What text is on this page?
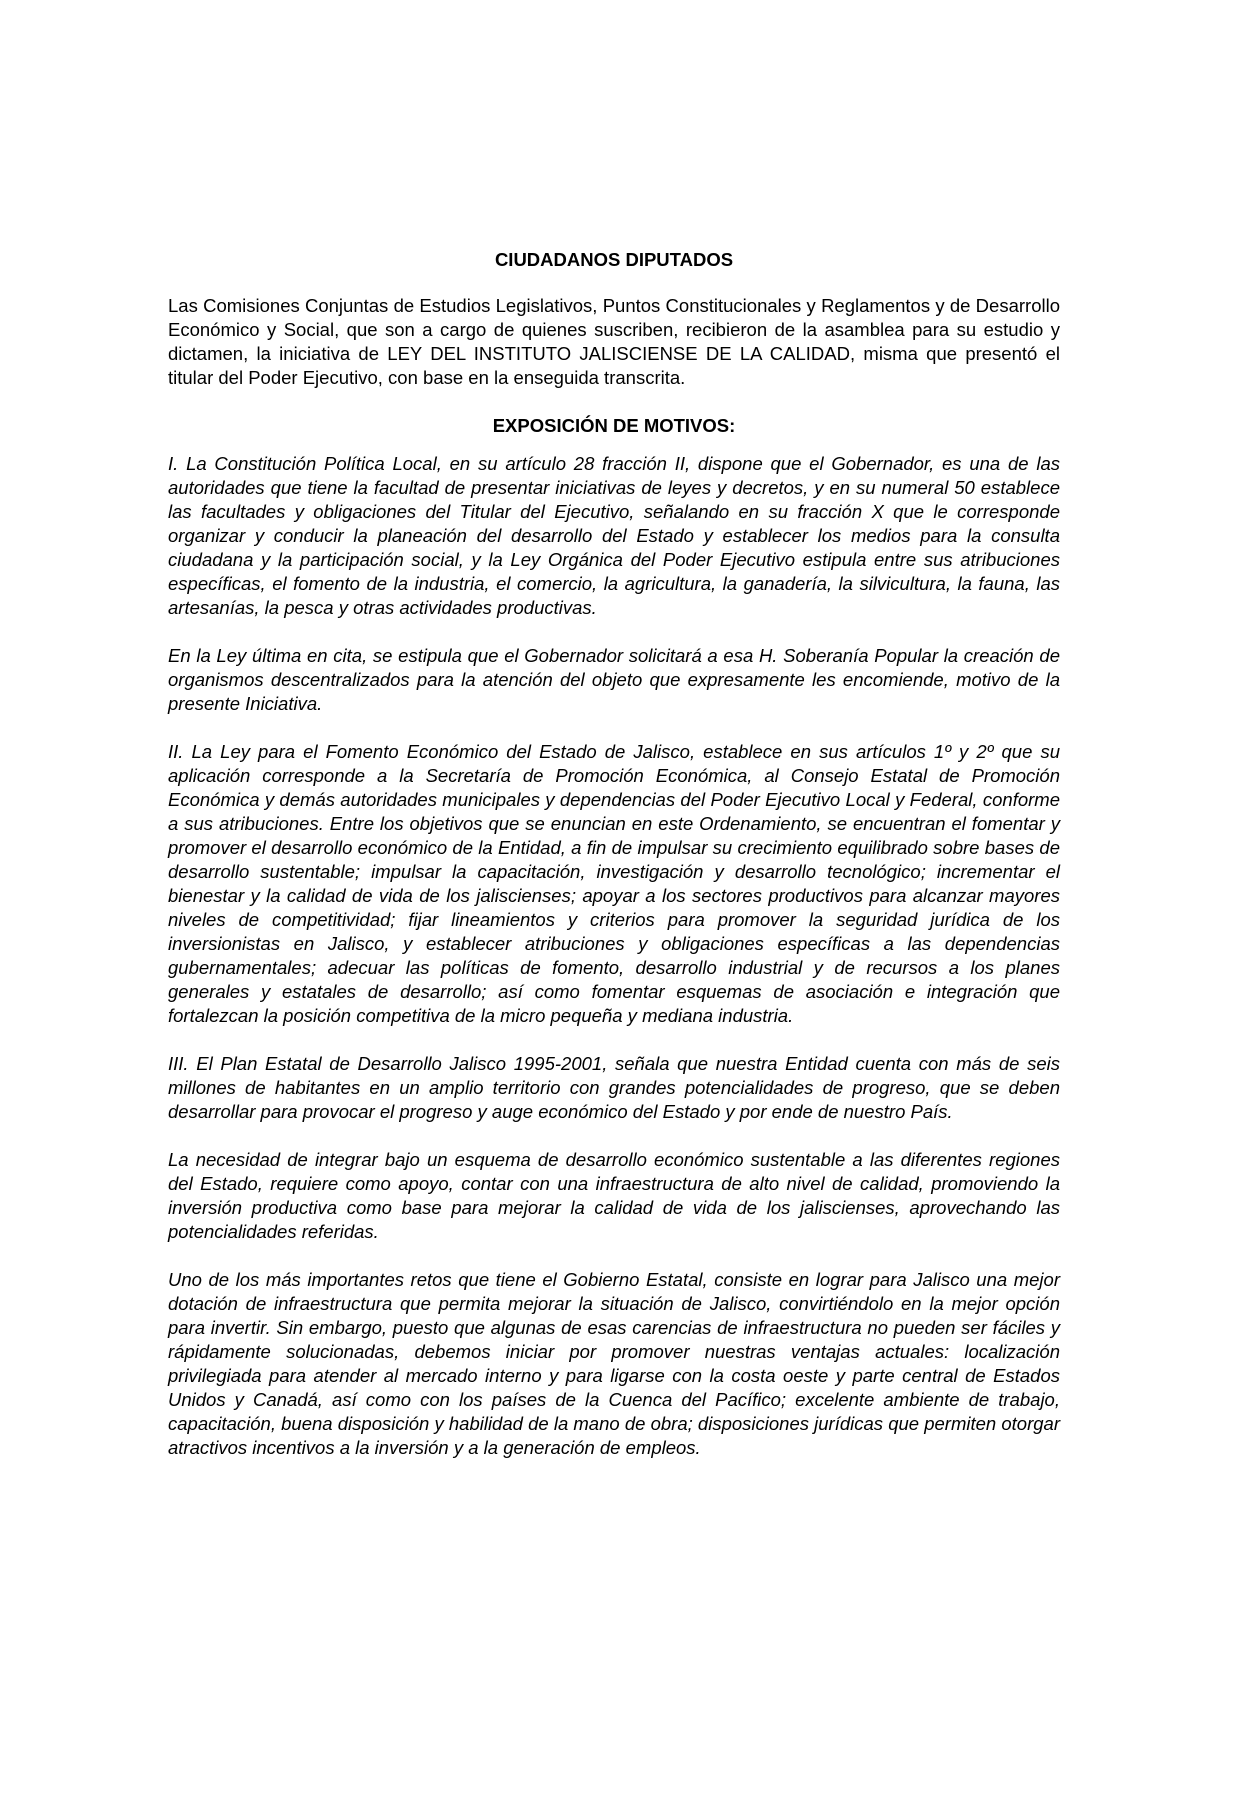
CIUDADANOS DIPUTADOS

Las Comisiones Conjuntas de Estudios Legislativos, Puntos Constitucionales y Reglamentos y de Desarrollo Económico y Social, que son a cargo de quienes suscriben, recibieron de la asamblea para su estudio y dictamen, la iniciativa de LEY DEL INSTITUTO JALISCIENSE DE LA CALIDAD, misma que presentó el titular del Poder Ejecutivo, con base en la enseguida transcrita.

EXPOSICIÓN DE MOTIVOS:

I. La Constitución Política Local, en su artículo 28 fracción II, dispone que el Gobernador, es una de las autoridades que tiene la facultad de presentar iniciativas de leyes y decretos, y en su numeral 50 establece las facultades y obligaciones del Titular del Ejecutivo, señalando en su fracción X que le corresponde organizar y conducir la planeación del desarrollo del Estado y establecer los medios para la consulta ciudadana y la participación social, y la Ley Orgánica del Poder Ejecutivo estipula entre sus atribuciones específicas, el fomento de la industria, el comercio, la agricultura, la ganadería, la silvicultura, la fauna, las artesanías, la pesca y otras actividades productivas.

En la Ley última en cita, se estipula que el Gobernador solicitará a esa H. Soberanía Popular la creación de organismos descentralizados para la atención del objeto que expresamente les encomiende, motivo de la presente Iniciativa.

II. La Ley para el Fomento Económico del Estado de Jalisco, establece en sus artículos 1º y 2º que su aplicación corresponde a la Secretaría de Promoción Económica, al Consejo Estatal de Promoción Económica y demás autoridades municipales y dependencias del Poder Ejecutivo Local y Federal, conforme a sus atribuciones. Entre los objetivos que se enuncian en este Ordenamiento, se encuentran el fomentar y promover el desarrollo económico de la Entidad, a fin de impulsar su crecimiento equilibrado sobre bases de desarrollo sustentable; impulsar la capacitación, investigación y desarrollo tecnológico; incrementar el bienestar y la calidad de vida de los jaliscienses; apoyar a los sectores productivos para alcanzar mayores niveles de competitividad; fijar lineamientos y criterios para promover la seguridad jurídica de los inversionistas en Jalisco, y establecer atribuciones y obligaciones específicas a las dependencias gubernamentales; adecuar las políticas de fomento, desarrollo industrial y de recursos a los planes generales y estatales de desarrollo; así como fomentar esquemas de asociación e integración que fortalezcan la posición competitiva de la micro pequeña y mediana industria.

III. El Plan Estatal de Desarrollo Jalisco 1995-2001, señala que nuestra Entidad cuenta con más de seis millones de habitantes en un amplio territorio con grandes potencialidades de progreso, que se deben desarrollar para provocar el progreso y auge económico del Estado y por ende de nuestro País.

La necesidad de integrar bajo un esquema de desarrollo económico sustentable a las diferentes regiones del Estado, requiere como apoyo, contar con una infraestructura de alto nivel de calidad, promoviendo la inversión productiva como base para mejorar la calidad de vida de los jaliscienses, aprovechando las potencialidades referidas.

Uno de los más importantes retos que tiene el Gobierno Estatal, consiste en lograr para Jalisco una mejor dotación de infraestructura que permita mejorar la situación de Jalisco, convirtiéndolo en la mejor opción para invertir. Sin embargo, puesto que algunas de esas carencias de infraestructura no pueden ser fáciles y rápidamente solucionadas, debemos iniciar por promover nuestras ventajas actuales: localización privilegiada para atender al mercado interno y para ligarse con la costa oeste y parte central de Estados Unidos y Canadá, así como con los países de la Cuenca del Pacífico; excelente ambiente de trabajo, capacitación, buena disposición y habilidad de la mano de obra; disposiciones jurídicas que permiten otorgar atractivos incentivos a la inversión y a la generación de empleos.
